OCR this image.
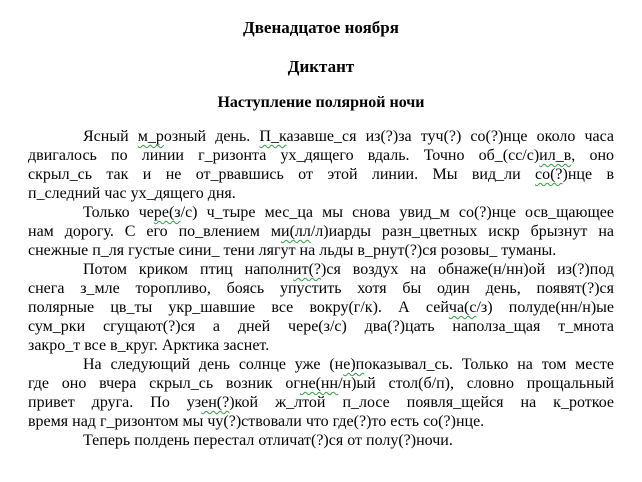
Двенадцатое ноября
Диктант
Наступление полярной ночи
Ясный м_розный день. П_казавше_ся из(?)за туч(?) со(?)нце около часа
двигалось по линии г_ризонта ух_дящего вдаль. Точно об_(сс/с)ил_в, оно
скрыл_сь так и не от_рвавшись от этой линии. Мы вид_ли со(?)нце в
п_следний час ух_дящего дня.
Только чере(з/с) ч_тыре мес_ца мы снова увид_м со(?)нце осв_щающее
нам дорогу. С его по_влением ми(лл/л)иарды разн_цветных искр брызнут на
снежные п_ля густые сини_ тени лягут на льды в_рнут(?)ся розовы_ туманы.
Потом криком птиц наполнит(?)ся воздух на обнаже(н/нн)ой из(?)под
снега з_мле торопливо, боясь упустить хотя бы один день, появят(?)ся
полярные цв_ты укр_шавшие все вокру(г/к). А сейча(с/з) полуде(нн/н)ые
сум_рки сгущают(?)ся а дней чере(з/с) два(?)цать наполза_щая т_мнота
закро_т все в_круг. Арктика заснет.
На следующий день солнце уже (не)показывал_сь. Только на том месте
где оно вчера скрыл_сь возник огне(нн/н)ый стол(б/п), словно прощальный
привет друга. По узен(?)кой ж_лтой п_лосе появля_щейся на к_роткое
время над г_ризонтом мы чу(?)ствовали что где(?)то есть со(?)нце.
Теперь полдень перестал отличат(?)ся от полу(?)ночи.
